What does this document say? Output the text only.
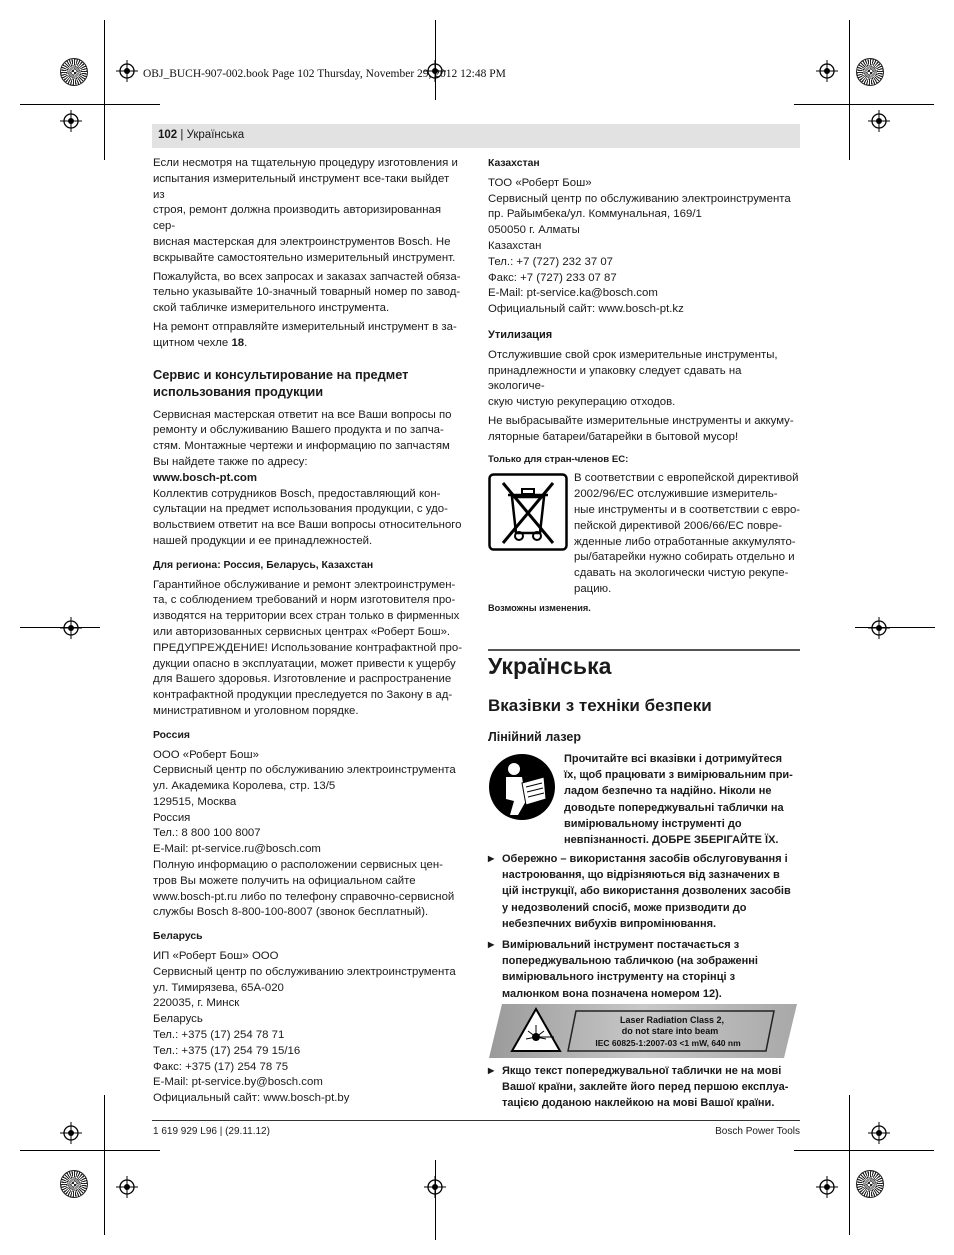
OBJ_BUCH-907-002.book Page 102 Thursday, November 29, 2012 12:48 PM
102 | Українська

Если несмотря на тщательную процедуру изготовления и
испытания измерительный инструмент все-таки выйдет из
строя, ремонт должна производить авторизированная сер-
висная мастерская для электроинструментов Bosch. Не
вскрывайте самостоятельно измерительный инструмент.

Пожалуйста, во всех запросах и заказах запчастей обяза-
тельно указывайте 10-значный товарный номер по завод-
ской табличке измерительного инструмента.

На ремонт отправляйте измерительный инструмент в за-
щитном чехле 18.

Сервис и консультирование на предмет
использования продукции

Сервисная мастерская ответит на все Ваши вопросы по
ремонту и обслуживанию Вашего продукта и по запча-
стям. Монтажные чертежи и информацию по запчастям
Вы найдете также по адресу:
www.bosch-pt.com
Коллектив сотрудников Bosch, предоставляющий кон-
сультации на предмет использования продукции, с удо-
вольствием ответит на все Ваши вопросы относительного
нашей продукции и ее принадлежностей.

Для региона: Россия, Беларусь, Казахстан

Гарантийное обслуживание и ремонт электроинструмен-
та, с соблюдением требований и норм изготовителя про-
изводятся на территории всех стран только в фирменных
или авторизованных сервисных центрах «Роберт Бош».
ПРЕДУПРЕЖДЕНИЕ! Использование контрафактной про-
дукции опасно в эксплуатации, может привести к ущербу
для Вашего здоровья. Изготовление и распространение
контрафактной продукции преследуется по Закону в ад-
министративном и уголовном порядке.

Россия

ООО «Роберт Бош»
Сервисный центр по обслуживанию электроинструмента
ул. Академика Королева, стр. 13/5
129515, Москва
Россия
Тел.: 8 800 100 8007
E-Mail: pt-service.ru@bosch.com
Полную информацию о расположении сервисных цен-
тров Вы можете получить на официальном сайте
www.bosch-pt.ru либо по телефону справочно-сервисной
службы Bosch 8-800-100-8007 (звонок бесплатный).

Беларусь

ИП «Роберт Бош» ООО
Сервисный центр по обслуживанию электроинструмента
ул. Тимирязева, 65А-020
220035, г. Минск
Беларусь
Тел.: +375 (17) 254 78 71
Тел.: +375 (17) 254 79 15/16
Факс: +375 (17) 254 78 75
E-Mail: pt-service.by@bosch.com
Официальный сайт: www.bosch-pt.by

Казахстан

ТОО «Роберт Бош»
Сервисный центр по обслуживанию электроинструмента
пр. Райымбека/ул. Коммунальная, 169/1
050050 г. Алматы
Казахстан
Тел.: +7 (727) 232 37 07
Факс: +7 (727) 233 07 87
E-Mail: pt-service.ka@bosch.com
Официальный сайт: www.bosch-pt.kz

Утилизация

Отслужившие свой срок измерительные инструменты,
принадлежности и упаковку следует сдавать на экологиче-
скую чистую рекуперацию отходов.

Не выбрасывайте измерительные инструменты и аккуму-
ляторные батареи/батарейки в бытовой мусор!

Только для стран-членов ЕС:

В соответствии с европейской директивой
2002/96/ЕС отслужившие измеритель-
ные инструменты и в соответствии с евро-
пейской директивой 2006/66/ЕС повре-
жденные либо отработанные аккумулято-
ры/батарейки нужно собирать отдельно и
сдавать на экологически чистую рекупе-
рацию.

Возможны изменения.
Українська
Вказівки з техніки безпеки
Лінійний лазер

Прочитайте всі вказівки і дотримуйтеся
їх, щоб працювати з вимірювальним при-
ладом безпечно та надійно. Ніколи не
доводьте попереджувальні таблички на
вимірювальному інструменті до
невпізнанності. ДОБРЕ ЗБЕРІГАЙТЕ ЇХ.

▶ Обережно – використання засобів обслуговування і
настроювання, що відрізняються від зазначених в
цій інструкції, або використання дозволених засобів
у недозволений спосіб, може призводити до
небезпечних вибухів випромінювання.
▶ Вимірювальний інструмент постачається з
попереджувальною табличкою (на зображенні
вимірювального інструменту на сторінці з
малюнком вона позначена номером 12).
Laser Radiation Class 2,
do not stare into beam
IEC 60825-1:2007-03 <1 mW, 640 nm
▶ Якщо текст попереджувальної таблички не на мові
Вашої країни, заклейте його перед першою експлуа-
тацією доданою наклейкою на мові Вашої країни.
1 619 929 L96 | (29.11.12)	Bosch Power Tools
